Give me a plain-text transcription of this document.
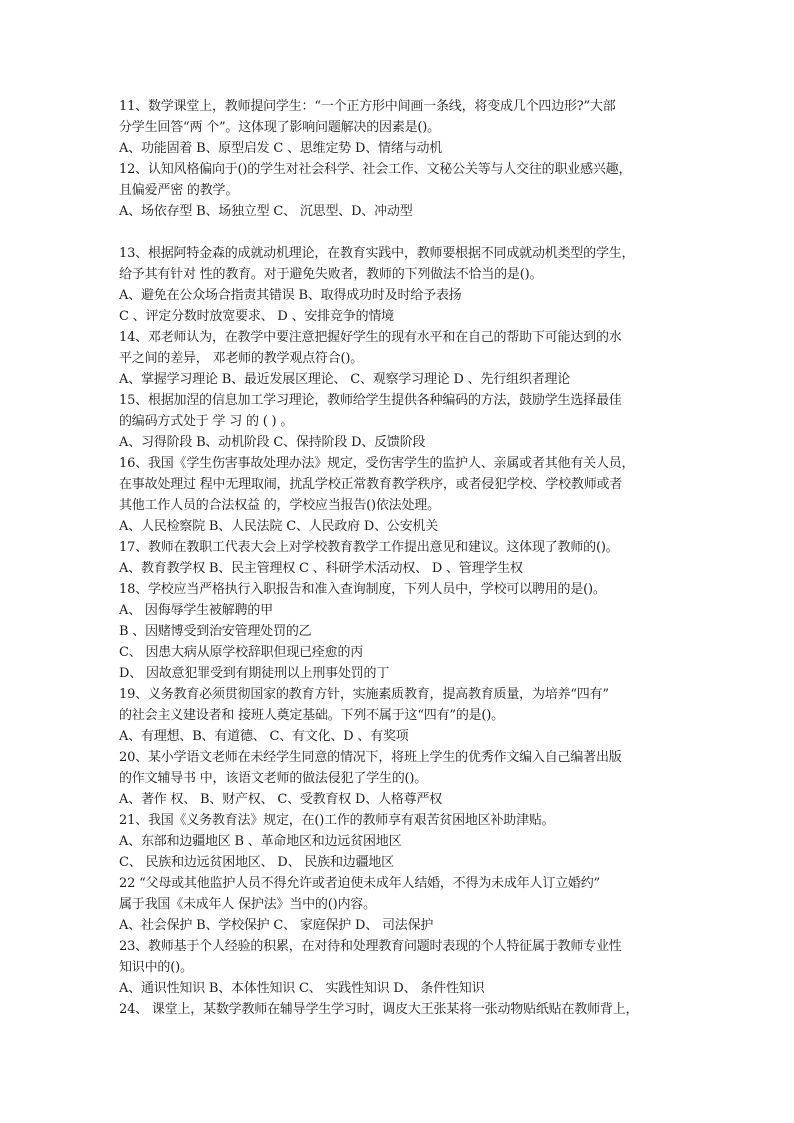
11、数学课堂上，教师提问学生：“一个正方形中间画一条线，将变成几个四边形?”大部
分学生回答“两 个”。这体现了影响问题解决的因素是()。
A、功能固着 B、原型启发 C 、思维定势 D、情绪与动机
12、认知风格偏向于()的学生对社会科学、社会工作、文秘公关等与人交往的职业感兴趣，
且偏爱严密 的教学。
A、场依存型 B、场独立型 C、 沉思型、D、冲动型
13、根据阿特金森的成就动机理论，在教育实践中，教师要根据不同成就动机类型的学生，
给予其有针对 性的教育。对于避免失败者，教师的下列做法不恰当的是()。
A、避免在公众场合指责其错误 B、取得成功时及时给予表扬
C 、评定分数时放宽要求、 D 、安排竞争的情境
14、邓老师认为，在教学中要注意把握好学生的现有水平和在自己的帮助下可能达到的水
平之间的差异， 邓老师的教学观点符合()。
A、掌握学习理论 B、最近发展区理论、 C、观察学习理论 D 、先行组织者理论
15、根据加涅的信息加工学习理论，教师给学生提供各种编码的方法，鼓励学生选择最佳
的编码方式处于 学 习 的 ( ) 。
A、习得阶段 B、动机阶段 C、保持阶段 D、反馈阶段
16、我国《学生伤害事故处理办法》规定，受伤害学生的监护人、亲属或者其他有关人员，
在事故处理过 程中无理取闹，扰乱学校正常教育教学秩序，或者侵犯学校、学校教师或者
其他工作人员的合法权益 的，学校应当报告()依法处理。
A、人民检察院 B、人民法院 C、人民政府 D、公安机关
17、教师在教职工代表大会上对学校教育教学工作提出意见和建议。这体现了教师的()。
A、教育教学权 B、民主管理权 C 、科研学术活动权、 D 、管理学生权
18、学校应当严格执行入职报告和准入查询制度，下列人员中，学校可以聘用的是()。
A、 因侮辱学生被解聘的甲
B 、因赌博受到治安管理处罚的乙
C、 因患大病从原学校辞职但现已痊愈的丙
D、 因故意犯罪受到有期徒刑以上刑事处罚的丁
19、义务教育必须贯彻国家的教育方针，实施素质教育，提高教育质量，为培养“四有”
的社会主义建设者和 接班人奠定基础。下列不属于这“四有”的是()。
A、有理想、B、有道德、 C、有文化、D 、有奖项
20、某小学语文老师在未经学生同意的情况下，将班上学生的优秀作文编入自己编著出版
的作文辅导书 中，该语文老师的做法侵犯了学生的()。
A、著作 权、 B、财产权、 C、受教育权 D、人格尊严权
21、我国《义务教育法》规定，在()工作的教师享有艰苦贫困地区补助津贴。
A、东部和边疆地区 B 、革命地区和边远贫困地区
C、 民族和边远贫困地区、 D、 民族和边疆地区
22 “父母或其他监护人员不得允许或者迫使未成年人结婚，不得为未成年人订立婚约”
属于我国《未成年人 保护法》当中的()内容。
A、社会保护 B、学校保护 C、 家庭保护 D、 司法保护
23、教师基于个人经验的积累，在对待和处理教育问题时表现的个人特征属于教师专业性
知识中的()。
A、通识性知识 B、本体性知识 C、 实践性知识 D、 条件性知识
24、 课堂上，某数学教师在辅导学生学习时，调皮大王张某将一张动物贴纸贴在教师背上，
